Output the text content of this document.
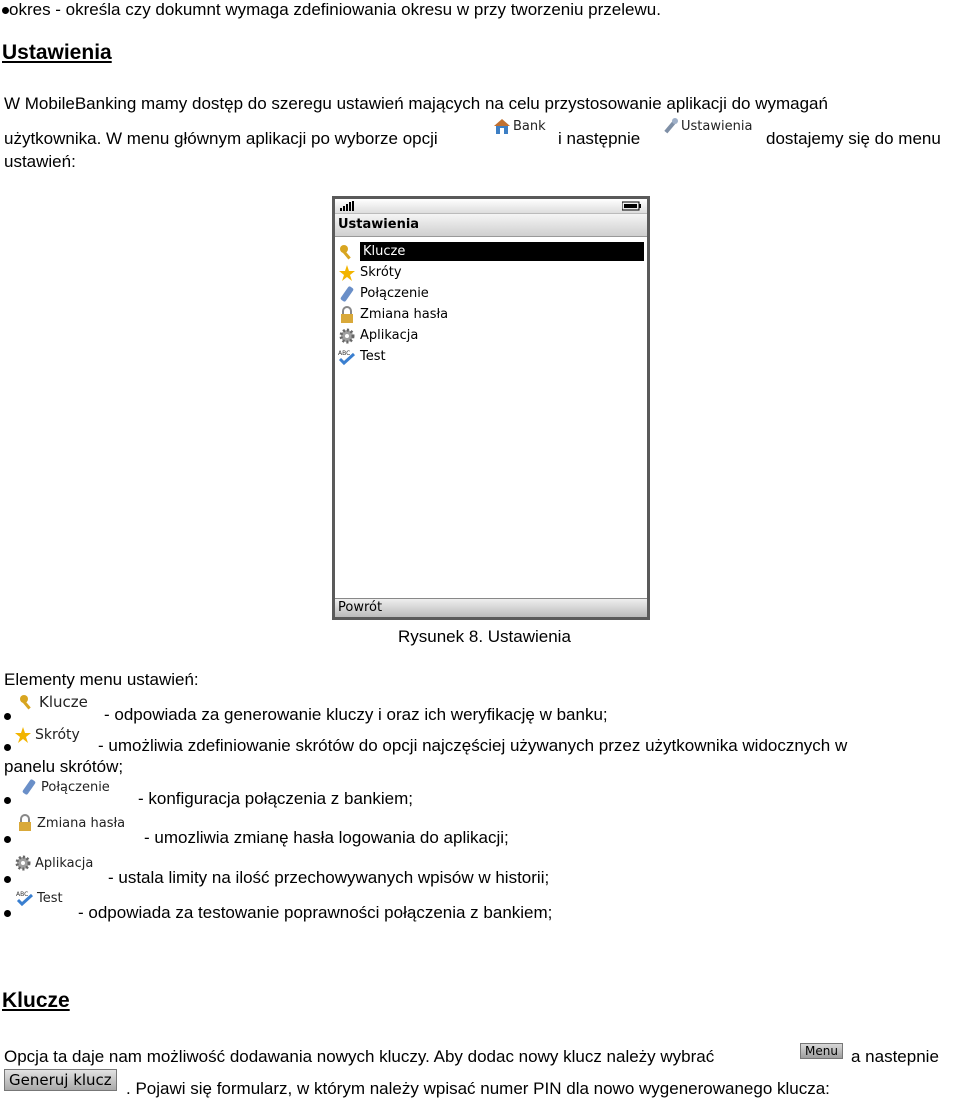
okres - określa czy dokumnt wymaga zdefiniowania okresu w przy tworzeniu przelewu.
Ustawienia
W MobileBanking mamy dostęp do szeregu ustawień mających na celu przystosowanie aplikacji do wymagań
użytkownika. W menu głównym aplikacji po wyborze opcji
Bank
i następnie
Ustawienia
dostajemy się do menu
ustawień:
Ustawienia
Klucze
Skróty
Połączenie
Zmiana hasła
Aplikacja
ABC Test
Powrót
Rysunek 8. Ustawienia
Elementy menu ustawień:
Klucze
- odpowiada za generowanie kluczy i oraz ich weryfikację w banku;
Skróty
- umożliwia zdefiniowanie skrótów do opcji najczęściej używanych przez użytkownika widocznych w
panelu skrótów;
Połączenie
- konfiguracja połączenia z bankiem;
Zmiana hasła
- umozliwia zmianę hasła logowania do aplikacji;
Aplikacja
- ustala limity na ilość przechowywanych wpisów w historii;
ABC Test
- odpowiada za testowanie poprawności połączenia z bankiem;
Klucze
Opcja ta daje nam możliwość dodawania nowych kluczy. Aby dodac nowy klucz należy wybrać	Menu a nastepnie
Generuj klucz . Pojawi się formularz, w którym należy wpisać numer PIN dla nowo wygenerowanego klucza:
